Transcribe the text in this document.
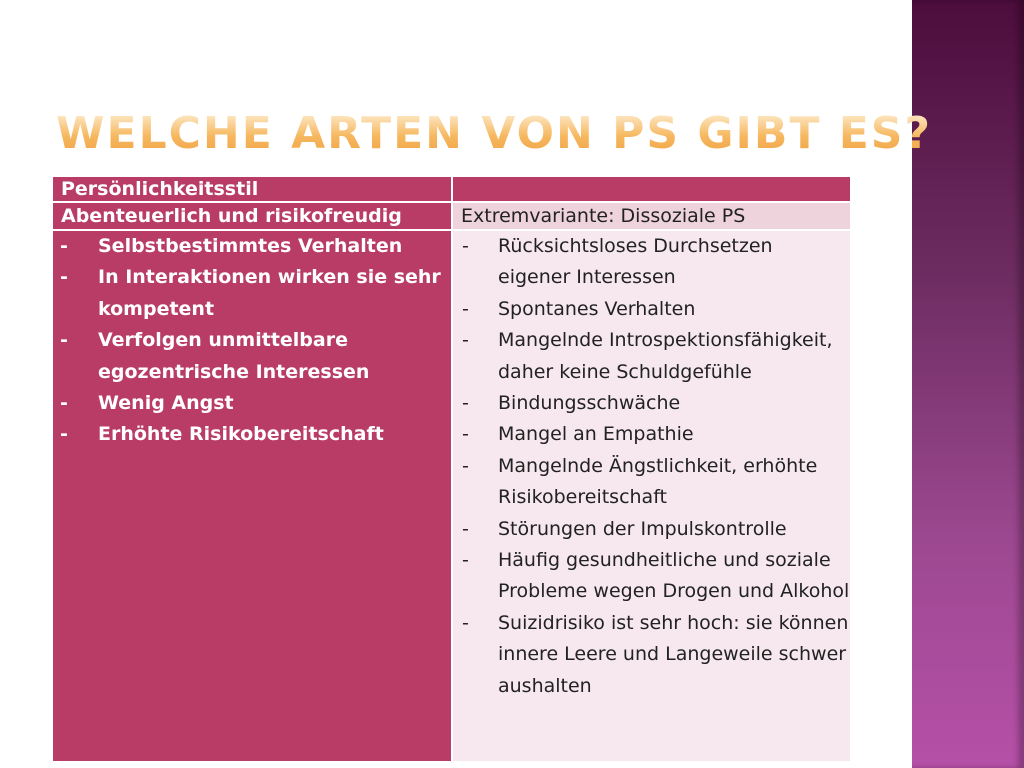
WELCHE ARTEN VON PS GIBT ES?
Persönlichkeitsstil
Abenteuerlich und risikofreudig	Extremvariante: Dissoziale PS
- Selbstbestimmtes Verhalten
- In Interaktionen wirken sie sehr kompetent
- Verfolgen unmittelbare egozentrische Interessen
- Wenig Angst
- Erhöhte Risikobereitschaft
- Rücksichtsloses Durchsetzen eigener Interessen
- Spontanes Verhalten
- Mangelnde Introspektionsfähigkeit, daher keine Schuldgefühle
- Bindungsschwäche
- Mangel an Empathie
- Mangelnde Ängstlichkeit, erhöhte Risikobereitschaft
- Störungen der Impulskontrolle
- Häufig gesundheitliche und soziale Probleme wegen Drogen und Alkohol
- Suizidrisiko ist sehr hoch: sie können innere Leere und Langeweile schwer aushalten
